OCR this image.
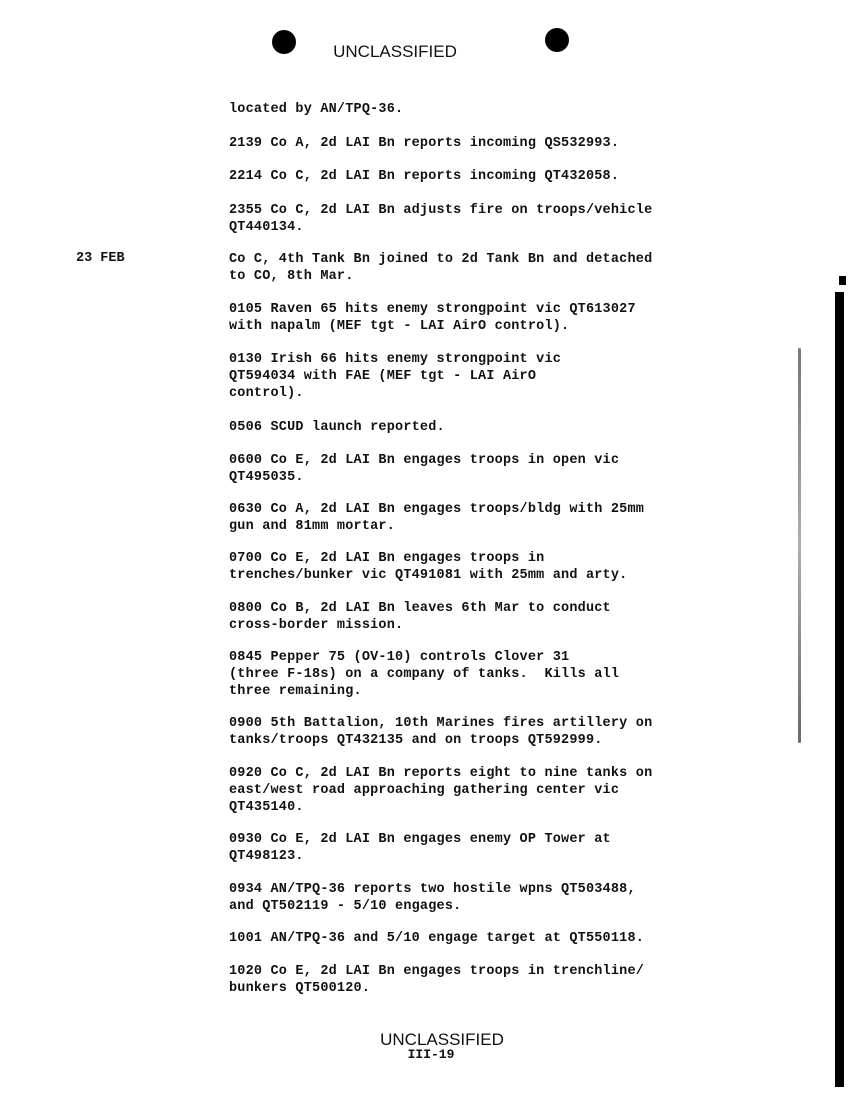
UNCLASSIFIED
23 FEB
located by AN/TPQ-36.
2139 Co A, 2d LAI Bn reports incoming QS532993.
2214 Co C, 2d LAI Bn reports incoming QT432058.
2355 Co C, 2d LAI Bn adjusts fire on troops/vehicle
QT440134.
Co C, 4th Tank Bn joined to 2d Tank Bn and detached
to CO, 8th Mar.
0105 Raven 65 hits enemy strongpoint vic QT613027
with napalm (MEF tgt - LAI AirO control).
0130 Irish 66 hits enemy strongpoint vic
QT594034 with FAE (MEF tgt - LAI AirO
control).
0506 SCUD launch reported.
0600 Co E, 2d LAI Bn engages troops in open vic
QT495035.
0630 Co A, 2d LAI Bn engages troops/bldg with 25mm
gun and 81mm mortar.
0700 Co E, 2d LAI Bn engages troops in
trenches/bunker vic QT491081 with 25mm and arty.
0800 Co B, 2d LAI Bn leaves 6th Mar to conduct
cross-border mission.
0845 Pepper 75 (OV-10) controls Clover 31
(three F-18s) on a company of tanks.  Kills all
three remaining.
0900 5th Battalion, 10th Marines fires artillery on
tanks/troops QT432135 and on troops QT592999.
0920 Co C, 2d LAI Bn reports eight to nine tanks on
east/west road approaching gathering center vic
QT435140.
0930 Co E, 2d LAI Bn engages enemy OP Tower at
QT498123.
0934 AN/TPQ-36 reports two hostile wpns QT503488,
and QT502119 - 5/10 engages.
1001 AN/TPQ-36 and 5/10 engage target at QT550118.
1020 Co E, 2d LAI Bn engages troops in trenchline/
bunkers QT500120.
UNCLASSIFIED
III-19
